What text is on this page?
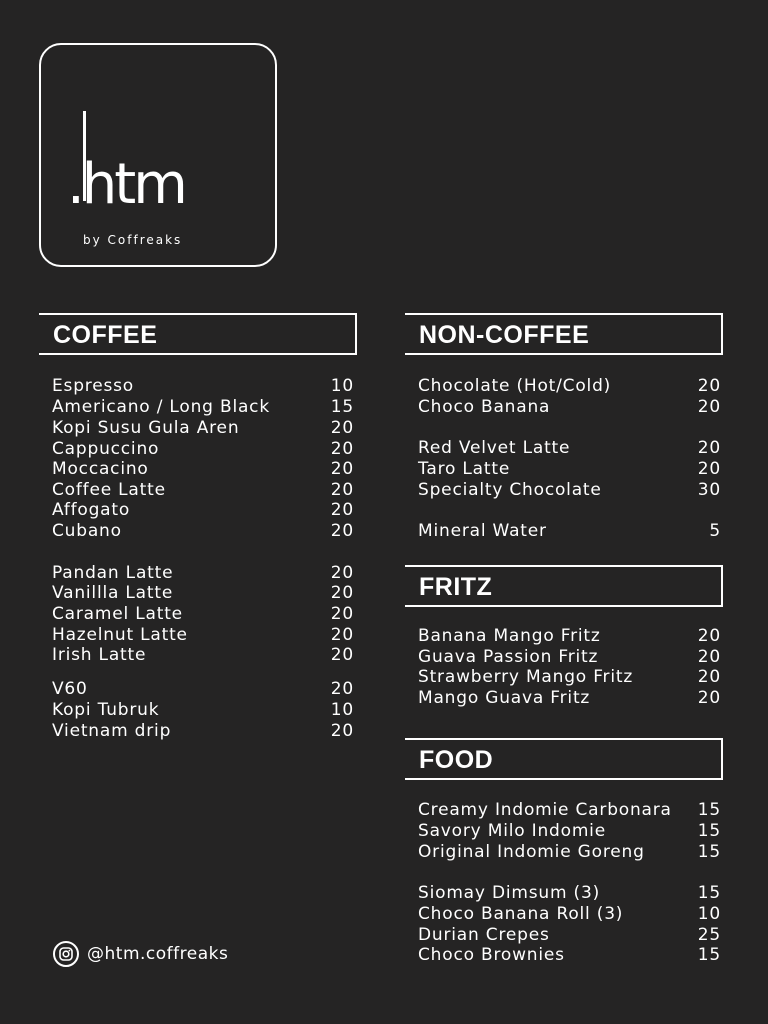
.htm
by Coffreaks
COFFEE	NON-COFFEE
FRITZ
FOOD
Espresso	10
Americano / Long Black	15
Kopi Susu Gula Aren	20
Cappuccino	20
Moccacino	20
Coffee Latte	20
Affogato	20
Cubano	20
Pandan Latte	20
Vanillla Latte	20
Caramel Latte	20
Hazelnut Latte	20
Irish Latte	20
V60	20
Kopi Tubruk	10
Vietnam drip	20
Chocolate (Hot/Cold)	20
Choco Banana	20
Red Velvet Latte	20
Taro Latte	20
Specialty Chocolate	30
Mineral Water	5
Banana Mango Fritz	20
Guava Passion Fritz	20
Strawberry Mango Fritz	20
Mango Guava Fritz	20
Creamy Indomie Carbonara 15
Savory Milo Indomie	15
Original Indomie Goreng	15
Siomay Dimsum (3)	15
Choco Banana Roll (3)	10
Durian Crepes	25
Choco Brownies	15
@htm.coffreaks
